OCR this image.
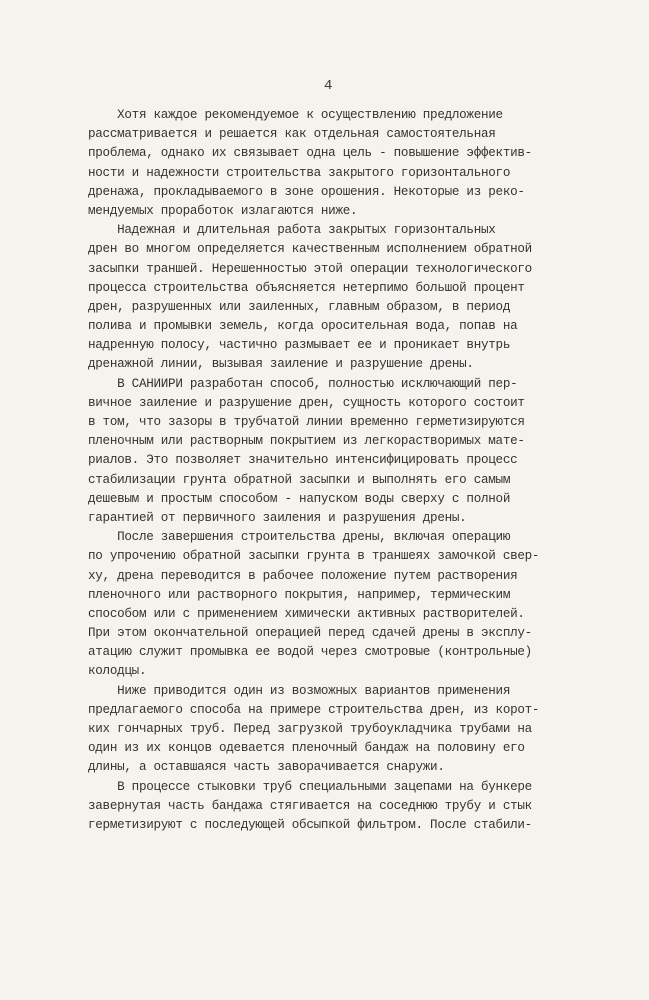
4
Хотя каждое рекомендуемое к осуществлению предложение
рассматривается и решается как отдельная самостоятельная
проблема, однако их связывает одна цель - повышение эффектив-
ности и надежности строительства закрытого горизонтального
дренажа, прокладываемого в зоне орошения. Некоторые из реко-
мендуемых проработок излагаются ниже.
Надежная и длительная работа закрытых горизонтальных
дрен во многом определяется качественным исполнением обратной
засыпки траншей. Нерешенностью этой операции технологического
процесса строительства объясняется нетерпимо большой процент
дрен, разрушенных или заиленных, главным образом, в период
полива и промывки земель, когда оросительная вода, попав на
надренную полосу, частично размывает ее и проникает внутрь
дренажной линии, вызывая заиление и разрушение дрены.
В САНИИРИ разработан способ, полностью исключающий пер-
вичное заиление и разрушение дрен, сущность которого состоит
в том, что зазоры в трубчатой линии временно герметизируются
пленочным или растворным покрытием из легкорастворимых мате-
риалов. Это позволяет значительно интенсифицировать процесс
стабилизации грунта обратной засыпки и выполнять его самым
дешевым и простым способом - напуском воды сверху с полной
гарантией от первичного заиления и разрушения дрены.
После завершения строительства дрены, включая операцию
по упрочению обратной засыпки грунта в траншеях замочкой свер-
ху, дрена переводится в рабочее положение путем растворения
пленочного или растворного покрытия, например, термическим
способом или с применением химически активных растворителей.
При этом окончательной операцией перед сдачей дрены в эксплу-
атацию служит промывка ее водой через смотровые (контрольные)
колодцы.
Ниже приводится один из возможных вариантов применения
предлагаемого способа на примере строительства дрен, из корот-
ких гончарных труб. Перед загрузкой трубоукладчика трубами на
один из их концов одевается пленочный бандаж на половину его
длины, а оставшаяся часть заворачивается снаружи.
В процессе стыковки труб специальными зацепами на бункере
завернутая часть бандажа стягивается на соседнюю трубу и стык
герметизируют с последующей обсыпкой фильтром. После стабили-
